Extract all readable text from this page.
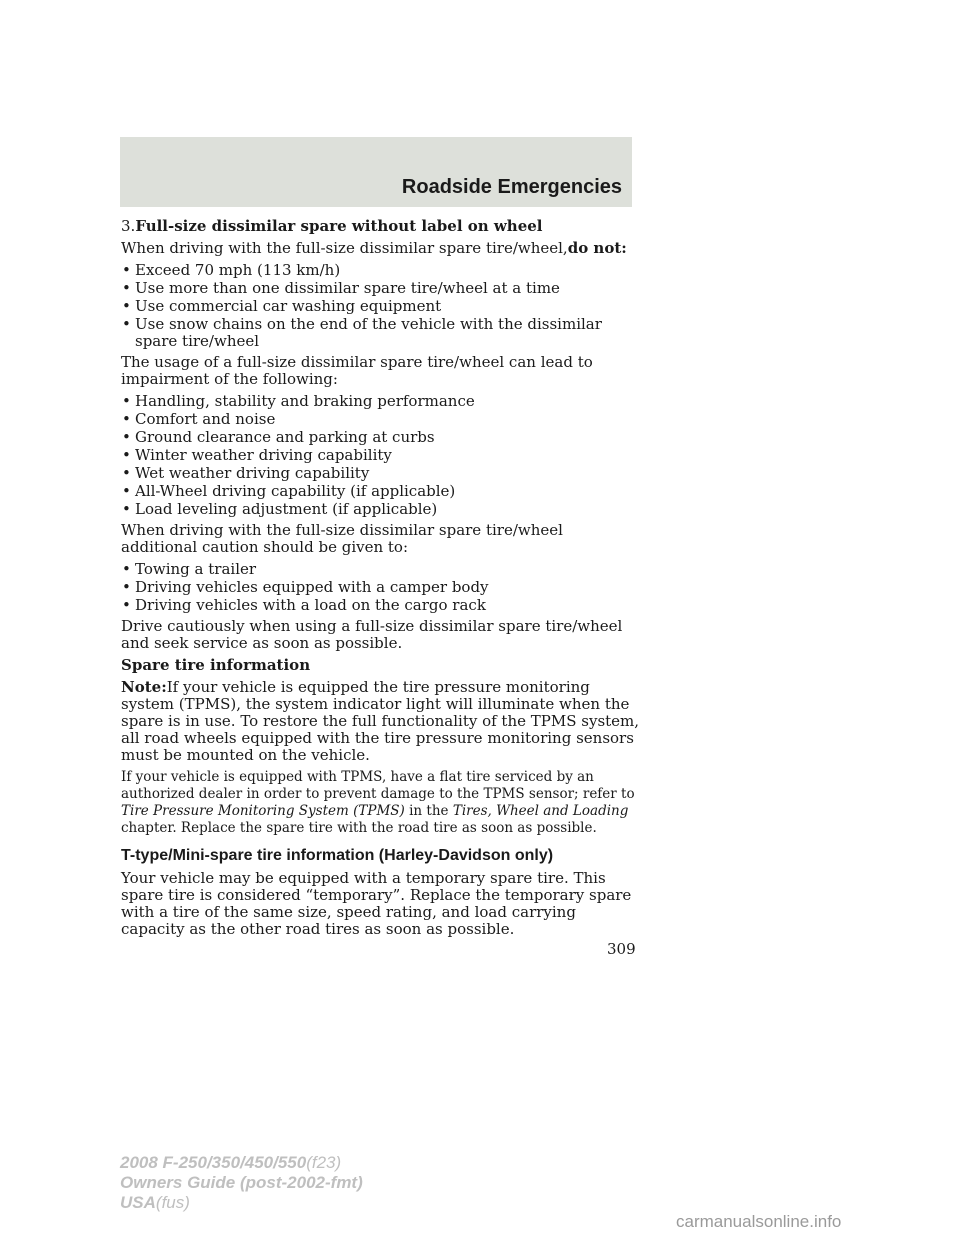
Roadside Emergencies

3.Full-size dissimilar spare without label on wheel

When driving with the full-size dissimilar spare tire/wheel,do not:

• Exceed 70 mph (113 km/h)
• Use more than one dissimilar spare tire/wheel at a time
• Use commercial car washing equipment
• Use snow chains on the end of the vehicle with the dissimilar spare tire/wheel

The usage of a full-size dissimilar spare tire/wheel can lead to impairment of the following:

• Handling, stability and braking performance
• Comfort and noise
• Ground clearance and parking at curbs
• Winter weather driving capability
• Wet weather driving capability
• All-Wheel driving capability (if applicable)
• Load leveling adjustment (if applicable)

When driving with the full-size dissimilar spare tire/wheel additional caution should be given to:

• Towing a trailer
• Driving vehicles equipped with a camper body
• Driving vehicles with a load on the cargo rack

Drive cautiously when using a full-size dissimilar spare tire/wheel and seek service as soon as possible.

Spare tire information

Note:If your vehicle is equipped the tire pressure monitoring system (TPMS), the system indicator light will illuminate when the spare is in use. To restore the full functionality of the TPMS system, all road wheels equipped with the tire pressure monitoring sensors must be mounted on the vehicle.

If your vehicle is equipped with TPMS, have a flat tire serviced by an authorized dealer in order to prevent damage to the TPMS sensor; refer to Tire Pressure Monitoring System (TPMS) in the Tires, Wheel and Loading chapter. Replace the spare tire with the road tire as soon as possible.

T-type/Mini-spare tire information (Harley-Davidson only)

Your vehicle may be equipped with a temporary spare tire. This spare tire is considered “temporary”. Replace the temporary spare with a tire of the same size, speed rating, and load carrying capacity as the other road tires as soon as possible.

309
2008 F-250/350/450/550(f23)
Owners Guide (post-2002-fmt)
USA(fus)
carmanualsonline.info
